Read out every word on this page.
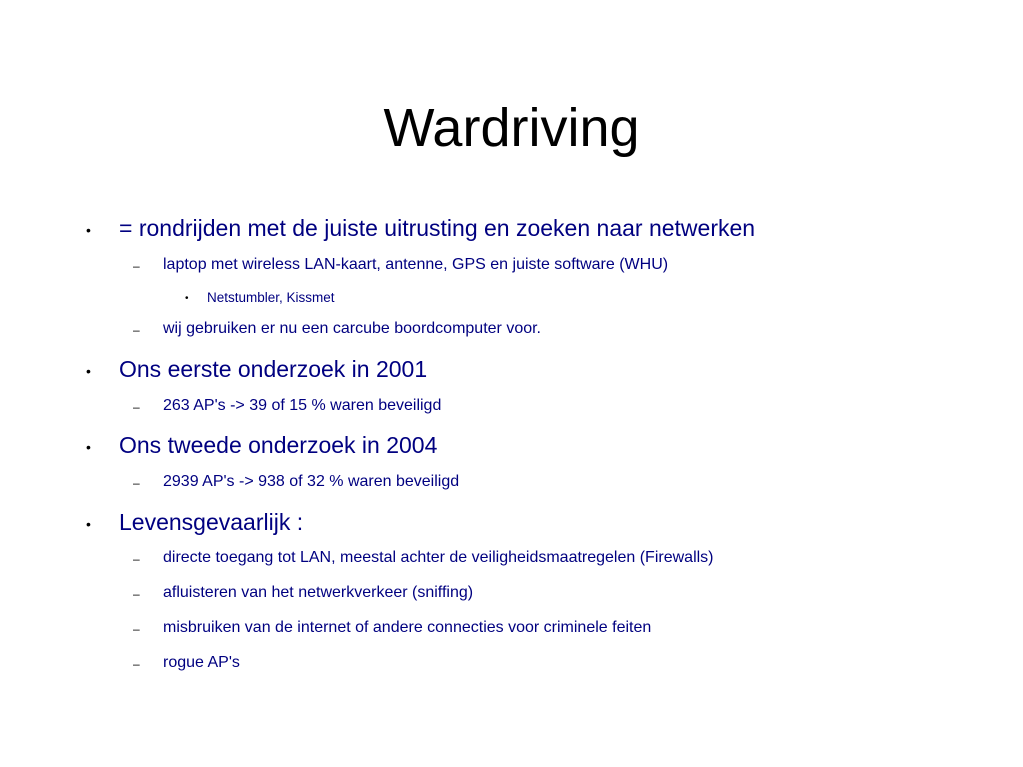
Wardriving
• = rondrijden met de juiste uitrusting en zoeken naar netwerken
– laptop met wireless LAN-kaart, antenne, GPS en juiste software (WHU)
• Netstumbler, Kissmet
– wij gebruiken er nu een carcube boordcomputer voor.
• Ons eerste onderzoek in 2001
– 263 AP's -> 39 of 15 % waren beveiligd
• Ons tweede onderzoek in 2004
– 2939 AP's -> 938 of 32 % waren beveiligd
• Levensgevaarlijk :
– directe toegang tot LAN, meestal achter de veiligheidsmaatregelen (Firewalls)
– afluisteren van het netwerkverkeer (sniffing)
– misbruiken van de internet of andere connecties voor criminele feiten
– rogue AP's
